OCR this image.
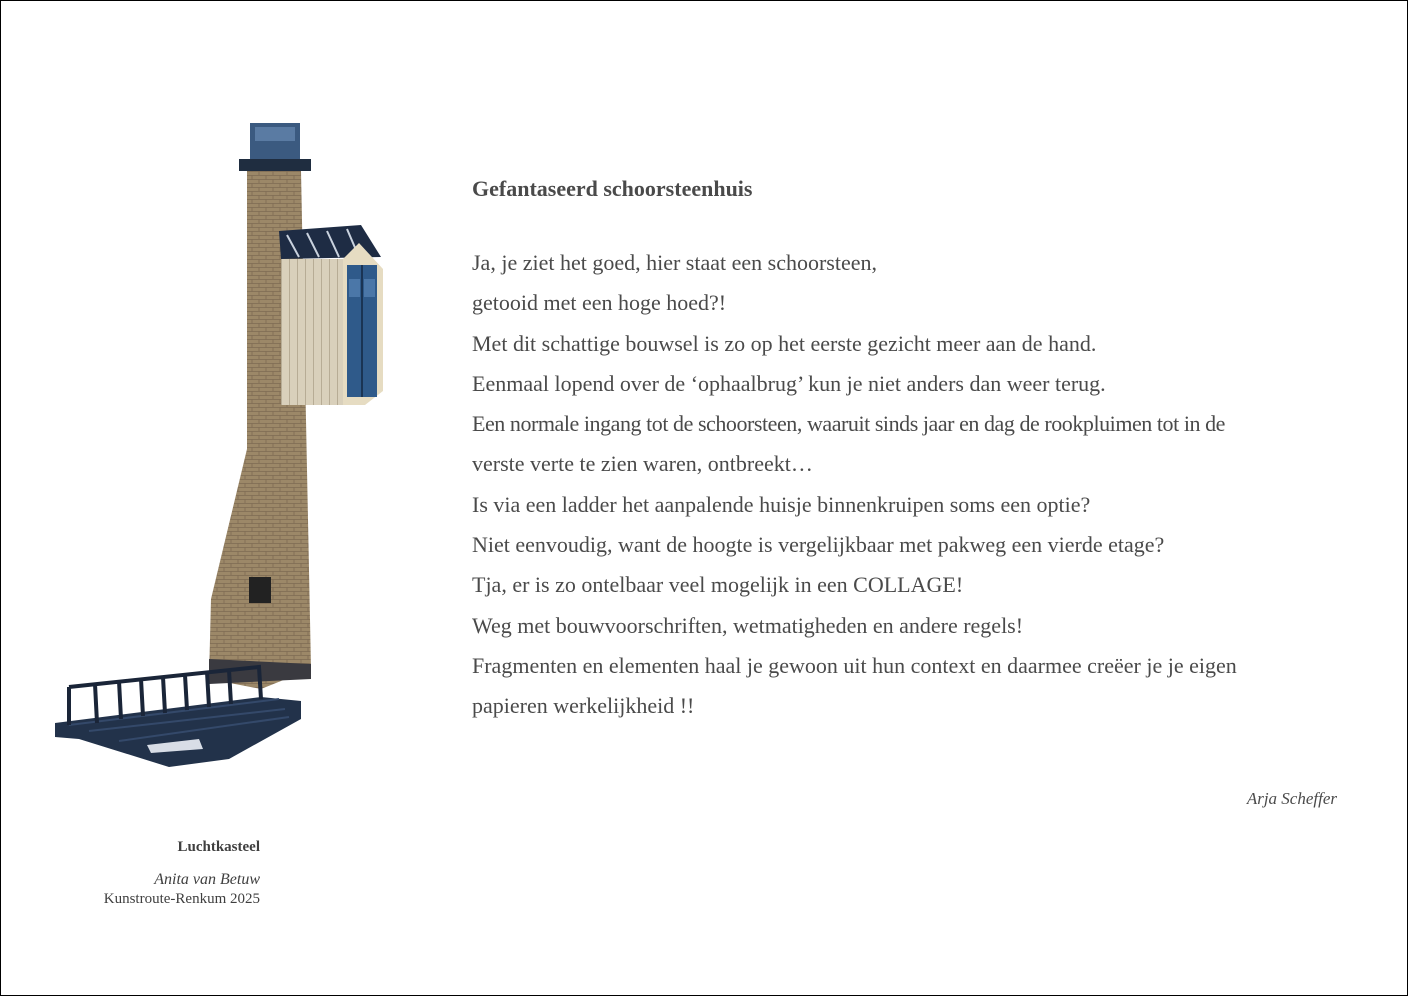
Luchtkasteel
Anita van Betuw
Kunstroute-Renkum 2025
Gefantaseerd schoorsteenhuis
Ja, je ziet het goed, hier staat een schoorsteen,
getooid met een hoge hoed?!
Met dit schattige bouwsel is zo op het eerste gezicht meer aan de hand.
Eenmaal lopend over de ‘ophaalbrug’ kun je niet anders dan weer terug.
Een normale ingang tot de schoorsteen, waaruit sinds jaar en dag de rookpluimen tot in de
verste verte te zien waren, ontbreekt…
Is via een ladder het aanpalende huisje binnenkruipen soms een optie?
Niet eenvoudig, want de hoogte is vergelijkbaar met pakweg een vierde etage?
Tja, er is zo ontelbaar veel mogelijk in een COLLAGE!
Weg met bouwvoorschriften, wetmatigheden en andere regels!
Fragmenten en elementen haal je gewoon uit hun context en daarmee creëer je je eigen
papieren werkelijkheid !!
Arja Scheffer
